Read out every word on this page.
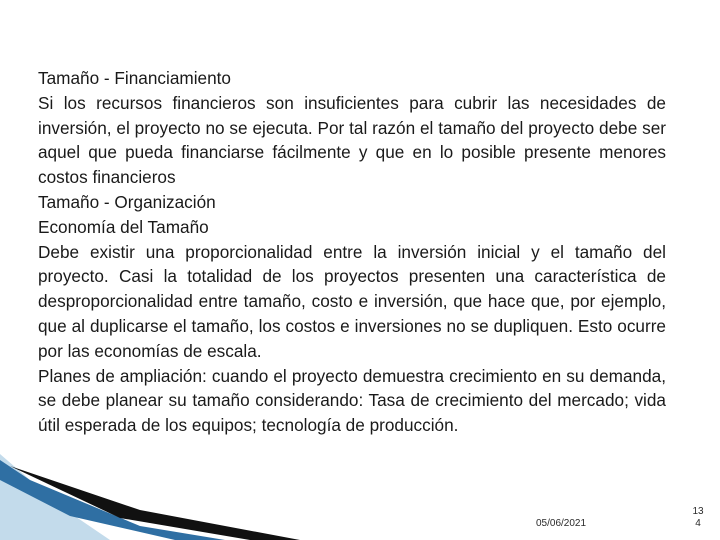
Tamaño - Financiamiento

Si los recursos financieros son insuficientes para cubrir las necesidades de inversión, el proyecto no se ejecuta. Por tal razón el tamaño del proyecto debe ser aquel que pueda financiarse fácilmente y que en lo posible presente menores costos financieros

Tamaño - Organización

Economía del Tamaño

Debe existir una proporcionalidad entre la inversión inicial y el tamaño del proyecto. Casi la totalidad de los proyectos presenten una característica de desproporcionalidad entre tamaño, costo e inversión, que hace que, por ejemplo, que al duplicarse el tamaño, los costos e inversiones no se dupliquen. Esto ocurre por las economías de escala.

Planes de ampliación: cuando el proyecto demuestra crecimiento en su demanda, se debe planear su tamaño considerando: Tasa de crecimiento del mercado; vida útil esperada de los equipos; tecnología de producción.

05/06/2021
13
4
